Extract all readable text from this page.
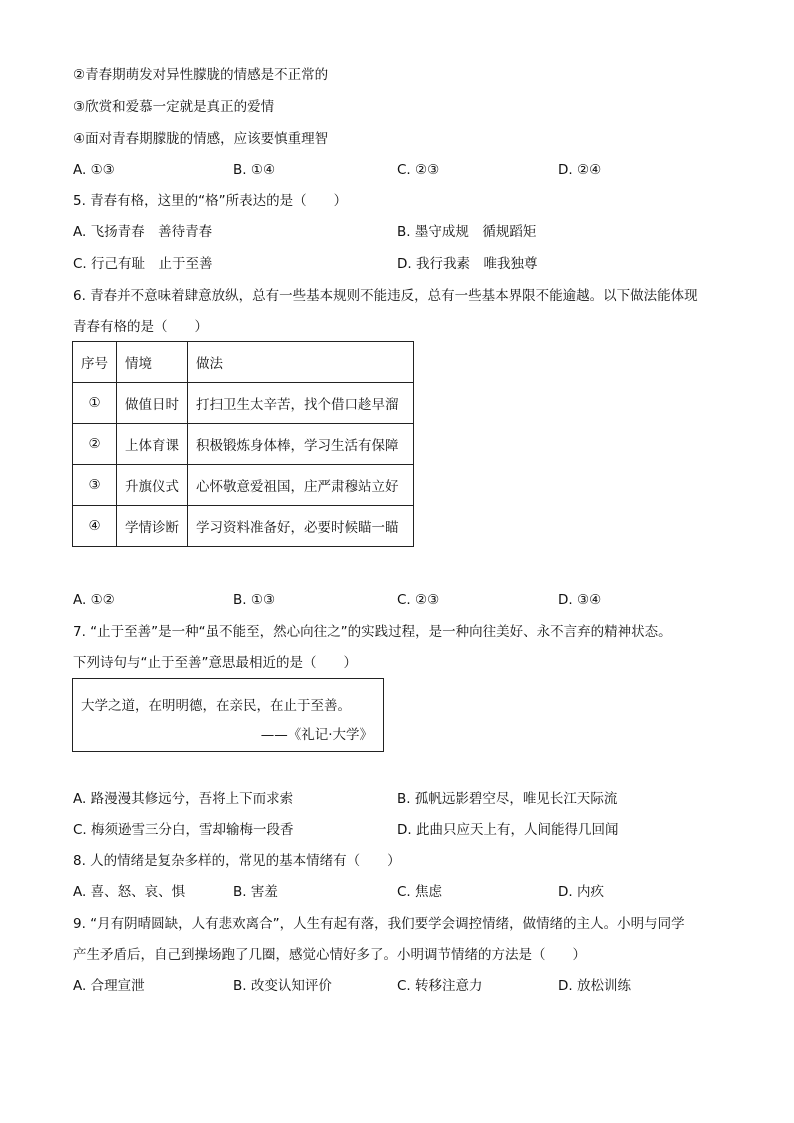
②青春期萌发对异性朦胧的情感是不正常的
③欣赏和爱慕一定就是真正的爱情
④面对青春期朦胧的情感，应该要慎重理智
A. ①③	B. ①④	C. ②③	D. ②④
5. 青春有格，这里的“格”所表达的是（　　）
A. 飞扬青春　善待青春	B. 墨守成规　循规蹈矩
C. 行己有耻　止于至善	D. 我行我素　唯我独尊
6. 青春并不意味着肆意放纵，总有一些基本规则不能违反，总有一些基本界限不能逾越。以下做法能体现
青春有格的是（　　）
序号	情境	做法
①	做值日时	打扫卫生太辛苦，找个借口趁早溜
②	上体育课	积极锻炼身体棒，学习生活有保障
③	升旗仪式	心怀敬意爱祖国，庄严肃穆站立好
④	学情诊断	学习资料准备好，必要时候瞄一瞄
A. ①②	B. ①③	C. ②③	D. ③④
7. “止于至善”是一种“虽不能至，然心向往之”的实践过程，是一种向往美好、永不言弃的精神状态。
下列诗句与“止于至善”意思最相近的是（　　）
大学之道，在明明德，在亲民，在止于至善。
——《礼记·大学》
A. 路漫漫其修远兮，吾将上下而求索	B. 孤帆远影碧空尽，唯见长江天际流
C. 梅须逊雪三分白，雪却输梅一段香	D. 此曲只应天上有，人间能得几回闻
8. 人的情绪是复杂多样的，常见的基本情绪有（　　）
A. 喜、怒、哀、惧	B. 害羞	C. 焦虑	D. 内疚
9. “月有阴晴圆缺，人有悲欢离合”，人生有起有落，我们要学会调控情绪，做情绪的主人。小明与同学
产生矛盾后，自己到操场跑了几圈，感觉心情好多了。小明调节情绪的方法是（　　）
A. 合理宣泄	B. 改变认知评价	C. 转移注意力	D. 放松训练
